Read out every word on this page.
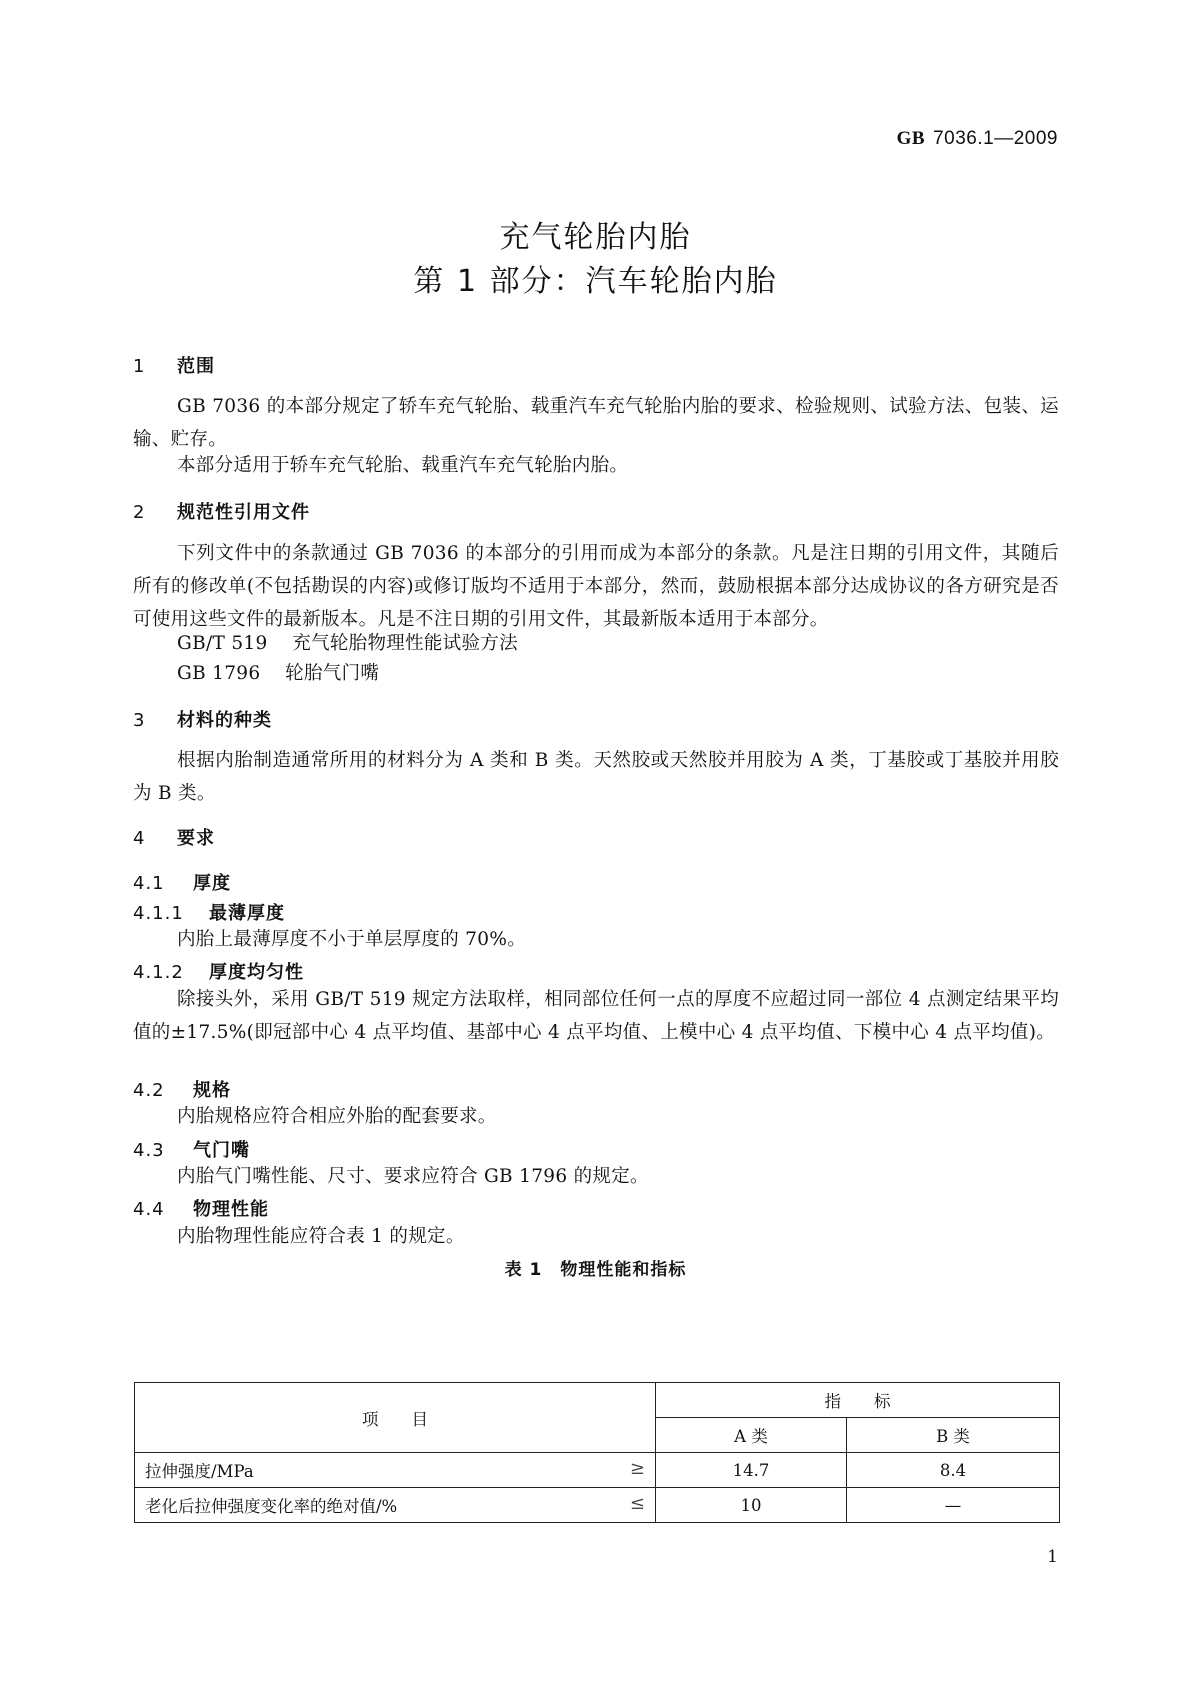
GB 7036.1—2009
充气轮胎内胎
第 1 部分：汽车轮胎内胎
1 范围
GB 7036 的本部分规定了轿车充气轮胎、载重汽车充气轮胎内胎的要求、检验规则、试验方法、包装、运输、贮存。
本部分适用于轿车充气轮胎、载重汽车充气轮胎内胎。
2 规范性引用文件
下列文件中的条款通过 GB 7036 的本部分的引用而成为本部分的条款。凡是注日期的引用文件，其随后所有的修改单(不包括勘误的内容)或修订版均不适用于本部分，然而，鼓励根据本部分达成协议的各方研究是否可使用这些文件的最新版本。凡是不注日期的引用文件，其最新版本适用于本部分。
GB/T 519 充气轮胎物理性能试验方法
GB 1796 轮胎气门嘴
3 材料的种类
根据内胎制造通常所用的材料分为 A 类和 B 类。天然胶或天然胶并用胶为 A 类，丁基胶或丁基胶并用胶为 B 类。
4 要求
4.1 厚度
4.1.1 最薄厚度
内胎上最薄厚度不小于单层厚度的 70%。
4.1.2 厚度均匀性
除接头外，采用 GB/T 519 规定方法取样，相同部位任何一点的厚度不应超过同一部位 4 点测定结果平均值的±17.5%(即冠部中心 4 点平均值、基部中心 4 点平均值、上模中心 4 点平均值、下模中心 4 点平均值)。
4.2 规格
内胎规格应符合相应外胎的配套要求。
4.3 气门嘴
内胎气门嘴性能、尺寸、要求应符合 GB 1796 的规定。
4.4 物理性能
内胎物理性能应符合表 1 的规定。
表 1　物理性能和指标
项　　目	指　　标	
	A 类	B 类
拉伸强度/MPa ≥	14.7	8.4
老化后拉伸强度变化率的绝对值/% ≤	10	—
1
